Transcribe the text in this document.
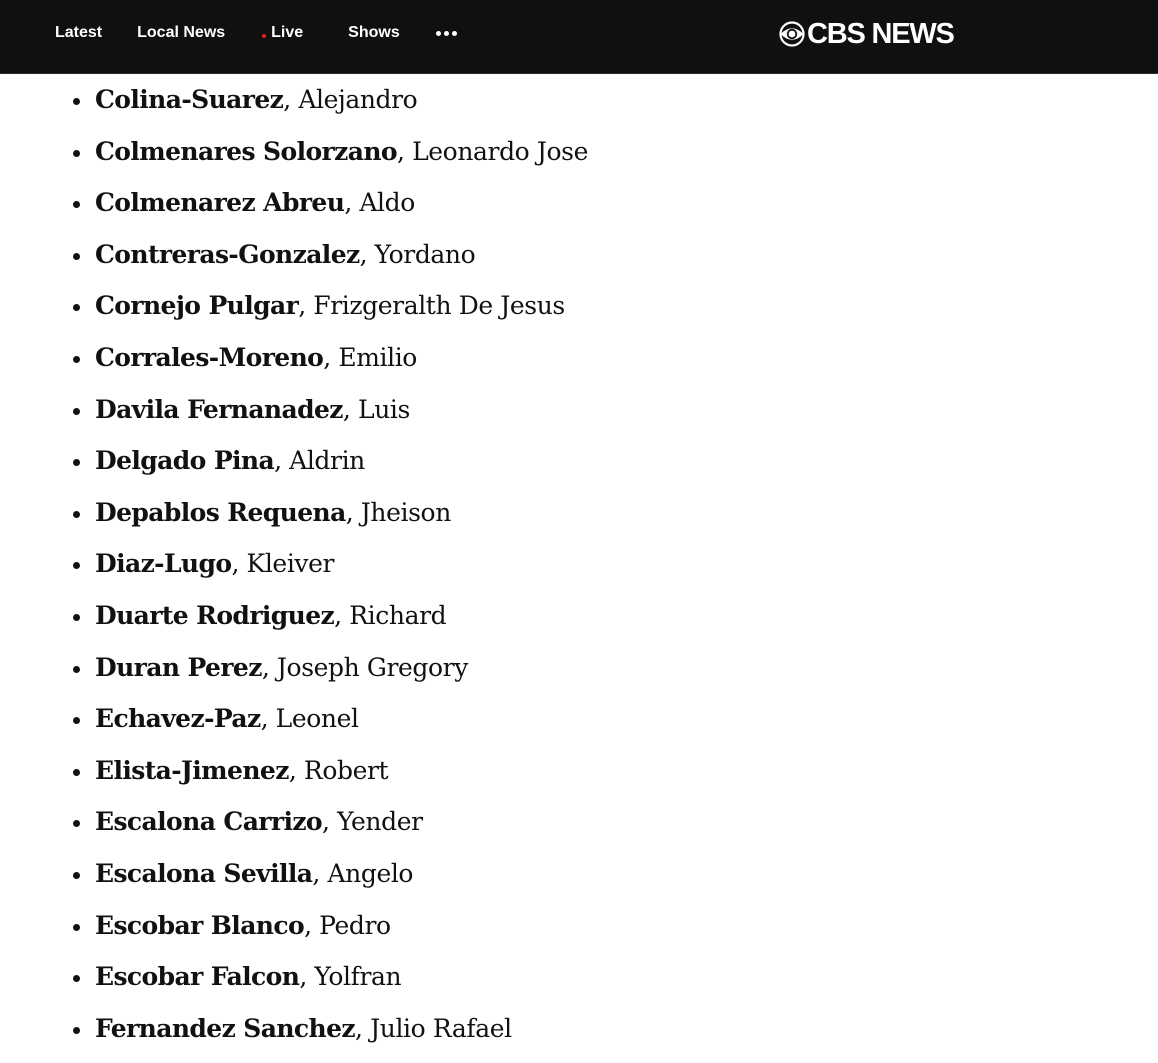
Latest Local News	Live	Shows	CBS NEWS
Colina-Suarez, Alejandro
Colmenares Solorzano, Leonardo Jose
Colmenarez Abreu, Aldo
Contreras-Gonzalez, Yordano
Cornejo Pulgar, Frizgeralth De Jesus
Corrales-Moreno, Emilio
Davila Fernanadez, Luis
Delgado Pina, Aldrin
Depablos Requena, Jheison
Diaz-Lugo, Kleiver
Duarte Rodriguez, Richard
Duran Perez, Joseph Gregory
Echavez-Paz, Leonel
Elista-Jimenez, Robert
Escalona Carrizo, Yender
Escalona Sevilla, Angelo
Escobar Blanco, Pedro
Escobar Falcon, Yolfran
Fernandez Sanchez, Julio Rafael
